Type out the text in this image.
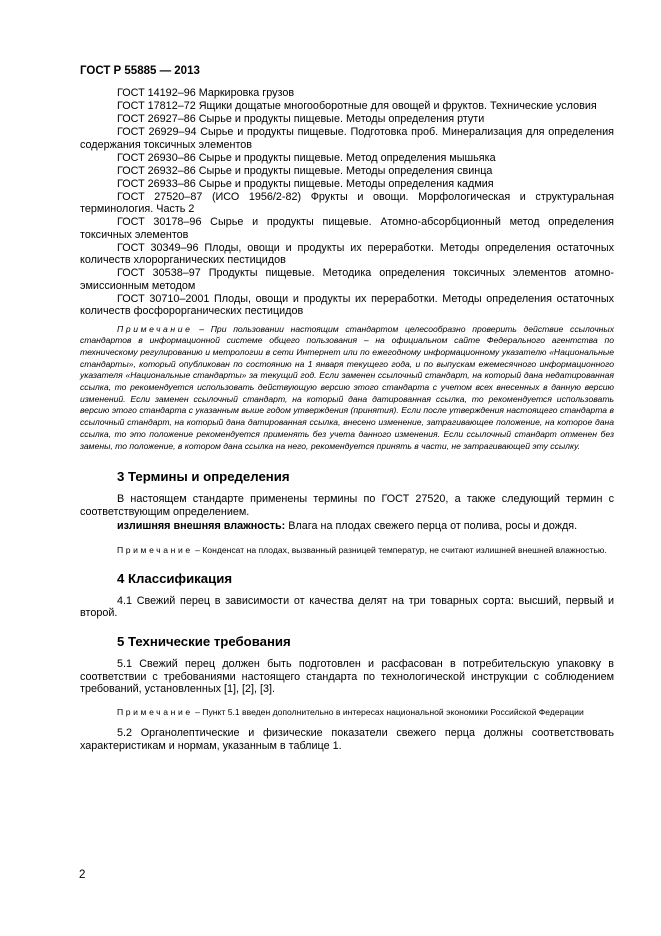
ГОСТ Р 55885 — 2013

ГОСТ 14192–96 Маркировка грузов

ГОСТ 17812–72 Ящики дощатые многооборотные для овощей и фруктов. Технические условия

ГОСТ 26927–86 Сырье и продукты пищевые. Методы определения ртути

ГОСТ 26929–94 Сырье и продукты пищевые. Подготовка проб. Минерализация для определения содержания токсичных элементов

ГОСТ 26930–86 Сырье и продукты пищевые. Метод определения мышьяка

ГОСТ 26932–86 Сырье и продукты пищевые. Методы определения свинца

ГОСТ 26933–86 Сырье и продукты пищевые. Методы определения кадмия

ГОСТ 27520–87 (ИСО 1956/2-82) Фрукты и овощи. Морфологическая и структуральная терминология. Часть 2

ГОСТ 30178–96 Сырье и продукты пищевые. Атомно-абсорбционный метод определения токсичных элементов

ГОСТ 30349–96 Плоды, овощи и продукты их переработки. Методы определения остаточных количеств хлорорганических пестицидов

ГОСТ 30538–97 Продукты пищевые. Методика определения токсичных элементов атомно-эмиссионным методом

ГОСТ 30710–2001 Плоды, овощи и продукты их переработки. Методы определения остаточных количеств фосфорорганических пестицидов

Примечание – При пользовании настоящим стандартом целесообразно проверить действие ссылочных стандартов в информационной системе общего пользования – на официальном сайте Федерального агентства по техническому регулированию и метрологии в сети Интернет или по ежегодному информационному указателю «Национальные стандарты», который опубликован по состоянию на 1 января текущего года, и по выпускам ежемесячного информационного указателя «Национальные стандарты» за текущий год. Если заменен ссылочный стандарт, на который дана недатированная ссылка, то рекомендуется использовать действующую версию этого стандарта с учетом всех внесенных в данную версию изменений. Если заменен ссылочный стандарт, на который дана датированная ссылка, то рекомендуется использовать версию этого стандарта с указанным выше годом утверждения (принятия). Если после утверждения настоящего стандарта в ссылочный стандарт, на который дана датированная ссылка, внесено изменение, затрагивающее положение, на которое дана ссылка, то это положение рекомендуется применять без учета данного изменения. Если ссылочный стандарт отменен без замены, то положение, в котором дана ссылка на него, рекомендуется принять в части, не затрагивающей эту ссылку.

3 Термины и определения

В настоящем стандарте применены термины по ГОСТ 27520, а также следующий термин с соответствующим определением.

излишняя внешняя влажность: Влага на плодах свежего перца от полива, росы и дождя.

Примечание – Конденсат на плодах, вызванный разницей температур, не считают излишней внешней влажностью.

4 Классификация

4.1 Свежий перец в зависимости от качества делят на три товарных сорта: высший, первый и второй.

5 Технические требования

5.1 Свежий перец должен быть подготовлен и расфасован в потребительскую упаковку в соответствии с требованиями настоящего стандарта по технологической инструкции с соблюдением требований, установленных [1], [2], [3].

Примечание – Пункт 5.1 введен дополнительно в интересах национальной экономики Российской Федерации

5.2 Органолептические и физические показатели свежего перца должны соответствовать характеристикам и нормам, указанным в таблице 1.

2
